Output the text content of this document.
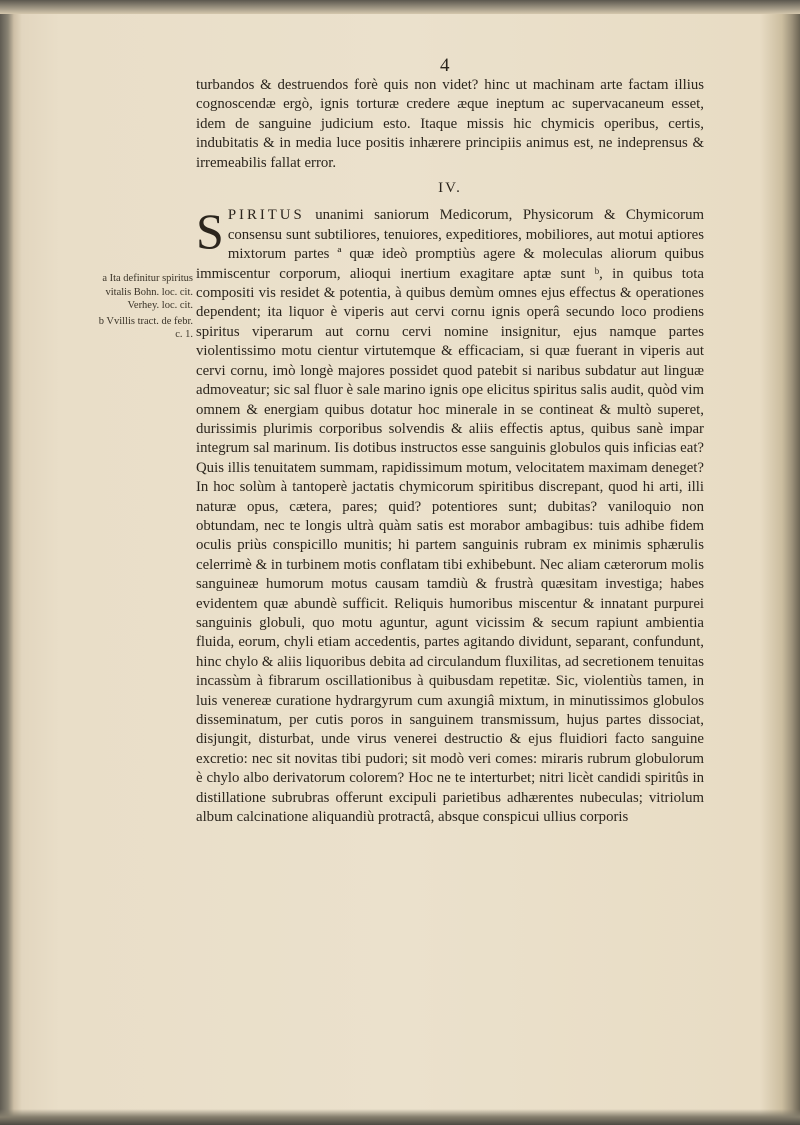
4
a Ita definitur spiritus vitalis Bohn. loc. cit. Verhey. loc. cit.
b Vvillis tract. de febr. c. 1.

turbandos & destruendos forè quis non videt? hinc ut machinam arte factam illius cognoscendæ ergò, ignis torturæ credere æque ineptum ac supervacaneum esset, idem de sanguine judicium esto. Itaque missis hic chymicis operibus, certis, indubitatis & in media luce positis inhærere principiis animus est, ne indeprensus & irremeabilis fallat error.

IV.

SPIRITUS unanimi saniorum Medicorum, Physicorum & Chymicorum consensu sunt subtiliores, tenuiores, expeditiores, mobiliores, aut motui aptiores mixtorum partes ª quæ ideò promptiùs agere & moleculas aliorum quibus immiscentur corporum, alioqui inertium exagitare aptæ sunt ᵇ, in quibus tota compositi vis residet & potentia, à quibus demùm omnes ejus effectus & operationes dependent; ita liquor è viperis aut cervi cornu ignis operâ secundo loco prodiens spiritus viperarum aut cornu cervi nomine insignitur, ejus namque partes violentissimo motu cientur virtutemque & efficaciam, si quæ fuerant in viperis aut cervi cornu, imò longè majores possidet quod patebit si naribus subdatur aut linguæ admoveatur; sic sal fluor è sale marino ignis ope elicitus spiritus salis audit, quòd vim omnem & energiam quibus dotatur hoc minerale in se contineat & multò superet, durissimis plurimis corporibus solvendis & aliis effectis aptus, quibus sanè impar integrum sal marinum. Iis dotibus instructos esse sanguinis globulos quis inficias eat? Quis illis tenuitatem summam, rapidissimum motum, velocitatem maximam deneget? In hoc solùm à tantoperè jactatis chymicorum spiritibus discrepant, quod hi arti, illi naturæ opus, cætera, pares; quid? potentiores sunt; dubitas? vaniloquio non obtundam, nec te longis ultrà quàm satis est morabor ambagibus: tuis adhibe fidem oculis priùs conspicillo munitis; hi partem sanguinis rubram ex minimis sphærulis celerrimè & in turbinem motis conflatam tibi exhibebunt. Nec aliam cæterorum molis sanguineæ humorum motus causam tamdiù & frustrà quæsitam investiga; habes evidentem quæ abundè sufficit. Reliquis humoribus miscentur & innatant purpurei sanguinis globuli, quo motu aguntur, agunt vicissim & secum rapiunt ambientia fluida, eorum, chyli etiam accedentis, partes agitando dividunt, separant, confundunt, hinc chylo & aliis liquoribus debita ad circulandum fluxilitas, ad secretionem tenuitas incassùm à fibrarum oscillationibus à quibusdam repetitæ. Sic, violentiùs tamen, in luis venereæ curatione hydrargyrum cum axungiâ mixtum, in minutissimos globulos disseminatum, per cutis poros in sanguinem transmissum, hujus partes dissociat, disjungit, disturbat, unde virus venerei destructio & ejus fluidiori facto sanguine excretio: nec sit novitas tibi pudori; sit modò veri comes: miraris rubrum globulorum è chylo albo derivatorum colorem? Hoc ne te interturbet; nitri licèt candidi spiritûs in distillatione subrubras offerunt excipuli parietibus adhærentes nubeculas; vitriolum album calcinatione aliquandiù protractâ, absque conspicui ullius corporis
